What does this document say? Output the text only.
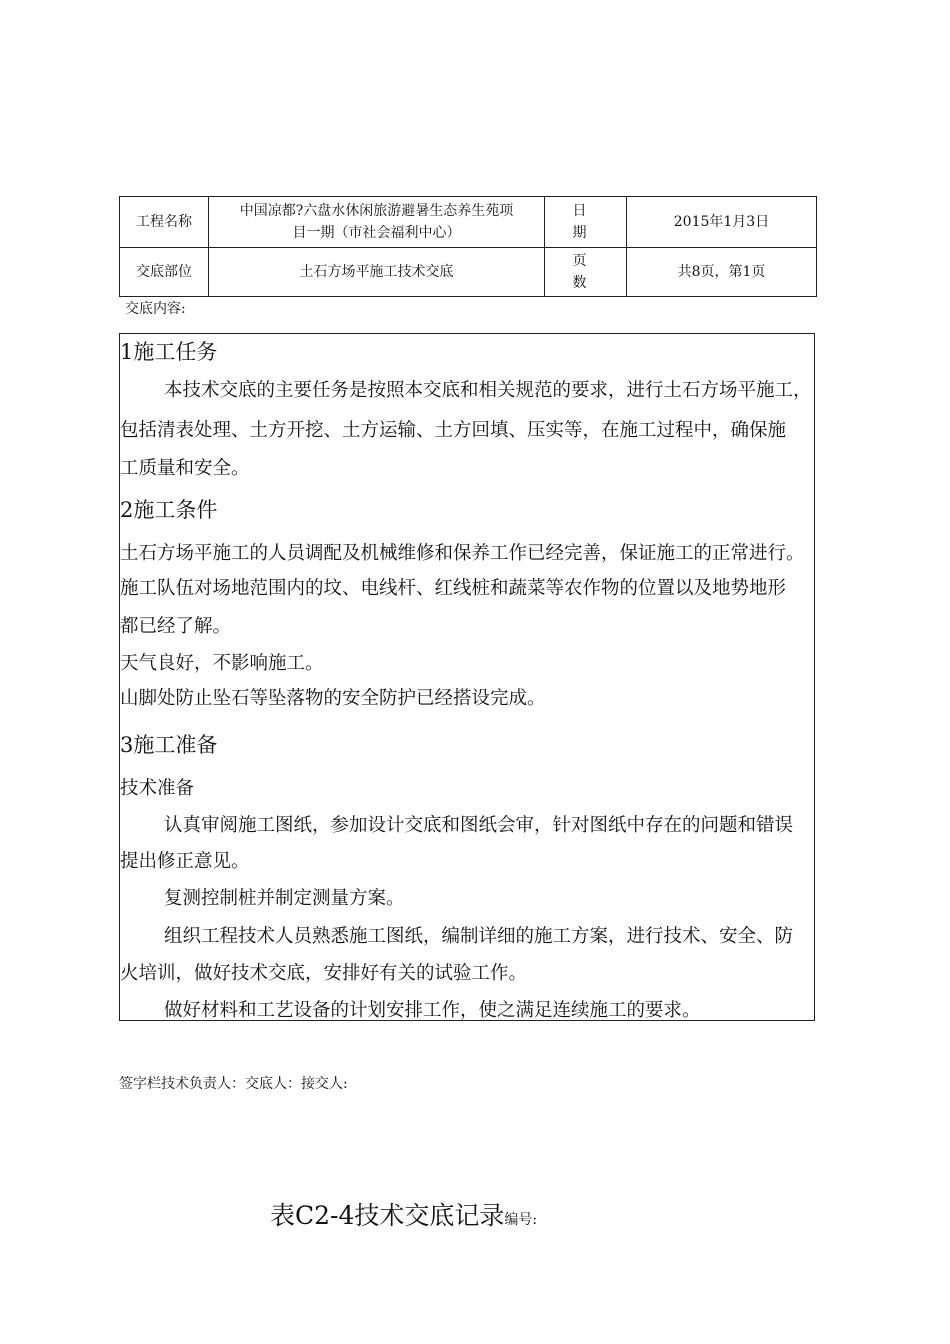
工程名称	中国凉都?六盘水休闲旅游避暑生态养生苑项
目一期（市社会福利中心）	日期	2015年1月3日
交底部位	土石方场平施工技术交底	页数	共8页，第1页
交底内容:
1施工任务
本技术交底的主要任务是按照本交底和相关规范的要求，进行土石方场平施工，
包括清表处理、土方开挖、土方运输、土方回填、压实等，在施工过程中，确保施
工质量和安全。
2施工条件
土石方场平施工的人员调配及机械维修和保养工作已经完善，保证施工的正常进行。
施工队伍对场地范围内的坟、电线杆、红线桩和蔬菜等农作物的位置以及地势地形
都已经了解。
天气良好，不影响施工。
山脚处防止坠石等坠落物的安全防护已经搭设完成。
3施工准备
技术准备
认真审阅施工图纸，参加设计交底和图纸会审，针对图纸中存在的问题和错误
提出修正意见。
复测控制桩并制定测量方案。
组织工程技术人员熟悉施工图纸，编制详细的施工方案，进行技术、安全、防
火培训，做好技术交底，安排好有关的试验工作。
做好材料和工艺设备的计划安排工作，使之满足连续施工的要求。
签字栏技术负责人：交底人：接交人:
表C2-4技术交底记录编号:
